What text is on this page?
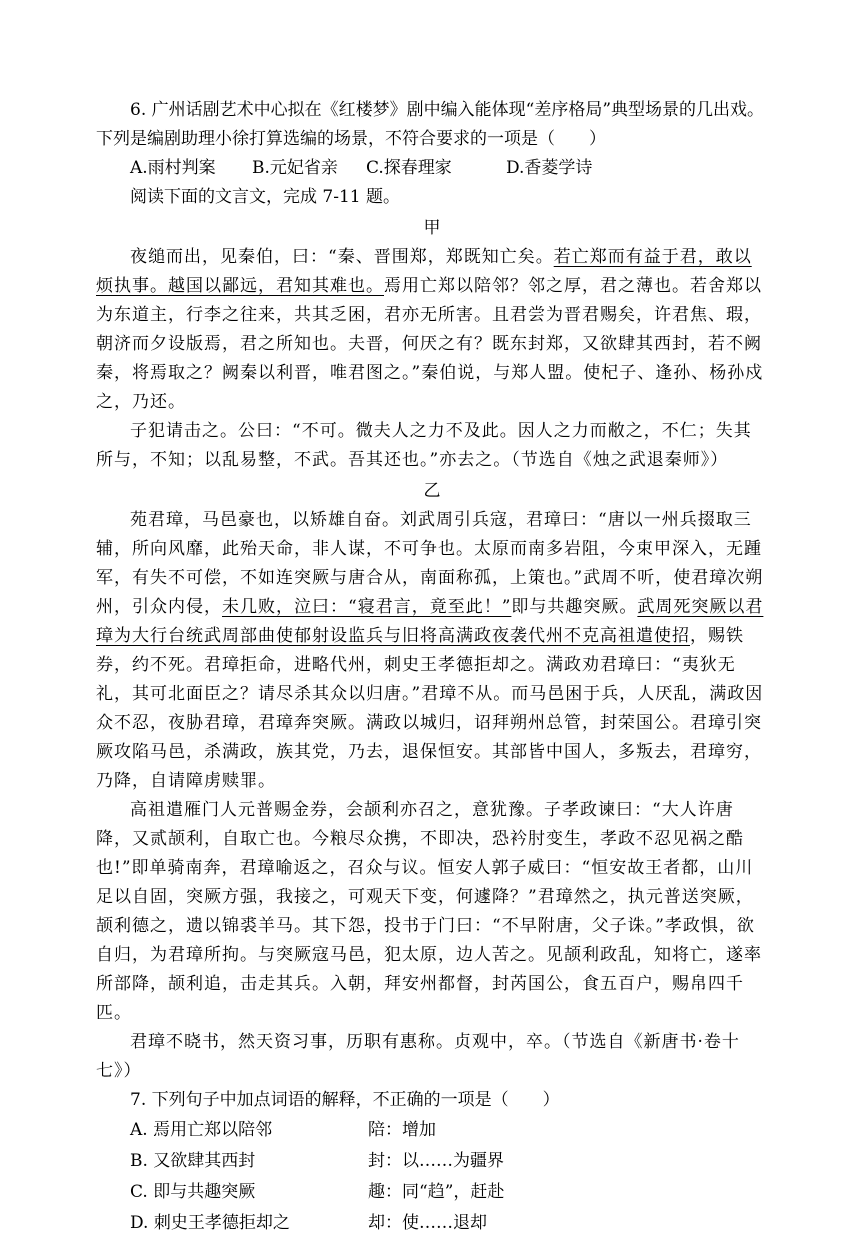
6. 广州话剧艺术中心拟在《红楼梦》剧中编入能体现“差序格局”典型场景的几出戏。

下列是编剧助理小徐打算选编的场景，不符合要求的一项是（　　）

A.雨村判案	B.元妃省亲	C.探春理家	D.香菱学诗

阅读下面的文言文，完成 7-11 题。

甲

夜缒而出，见秦伯，曰：“秦、晋围郑，郑既知亡矣。若亡郑而有益于君，敢以烦执事。越国以鄙远，君知其难也。焉用亡郑以陪邻？邻之厚，君之薄也。若舍郑以为东道主，行李之往来，共其乏困，君亦无所害。且君尝为晋君赐矣，许君焦、瑕，朝济而夕设版焉，君之所知也。夫晋，何厌之有？既东封郑，又欲肆其西封，若不阙秦，将焉取之？阙秦以利晋，唯君图之。”秦伯说，与郑人盟。使杞子、逢孙、杨孙戍之，乃还。

子犯请击之。公曰：“不可。微夫人之力不及此。因人之力而敝之，不仁；失其所与，不知；以乱易整，不武。吾其还也。”亦去之。（节选自《烛之武退秦师》）

乙

苑君璋，马邑豪也，以矫雄自奋。刘武周引兵寇，君璋曰：“唐以一州兵掇取三辅，所向风靡，此殆天命，非人谋，不可争也。太原而南多岩阻，今束甲深入，无踵军，有失不可偿，不如连突厥与唐合从，南面称孤，上策也。”武周不听，使君璋次朔州，引众内侵，未几败，泣曰：“寝君言，竟至此！”即与共趣突厥。武周死突厥以君璋为大行台统武周部曲使郁射设监兵与旧将高满政夜袭代州不克高祖遣使招，赐铁券，约不死。君璋拒命，进略代州，刺史王孝德拒却之。满政劝君璋曰：“夷狄无礼，其可北面臣之？请尽杀其众以归唐。”君璋不从。而马邑困于兵，人厌乱，满政因众不忍，夜胁君璋，君璋奔突厥。满政以城归，诏拜朔州总管，封荣国公。君璋引突厥攻陷马邑，杀满政，族其党，乃去，退保恒安。其部皆中国人，多叛去，君璋穷，乃降，自请障虏赎罪。

高祖遣雁门人元普赐金券，会颉利亦召之，意犹豫。子孝政谏曰：“大人许唐降，又贰颉利，自取亡也。今粮尽众携，不即决，恐衿肘变生，孝政不忍见祸之酷也!”即单骑南奔，君璋喻返之，召众与议。恒安人郭子威曰：“恒安故王者都，山川足以自固，突厥方强，我接之，可观天下变，何遽降？”君璋然之，执元普送突厥，颉利德之，遗以锦裘羊马。其下怨，投书于门曰：“不早附唐，父子诛。”孝政惧，欲自归，为君璋所拘。与突厥寇马邑，犯太原，边人苦之。见颉利政乱，知将亡，遂率所部降，颉利追，击走其兵。入朝，拜安州都督，封芮国公，食五百户，赐帛四千匹。

君璋不晓书，然天资习事，历职有惠称。贞观中，卒。（节选自《新唐书·卷十七》）

7. 下列句子中加点词语的解释，不正确的一项是（　　）

A. 焉用亡郑以陪邻	陪：增加
B. 又欲肆其西封	封：以……为疆界
C. 即与共趣突厥	趣：同“趋”，赶赴
D. 刺史王孝德拒却之	却：使……退却
